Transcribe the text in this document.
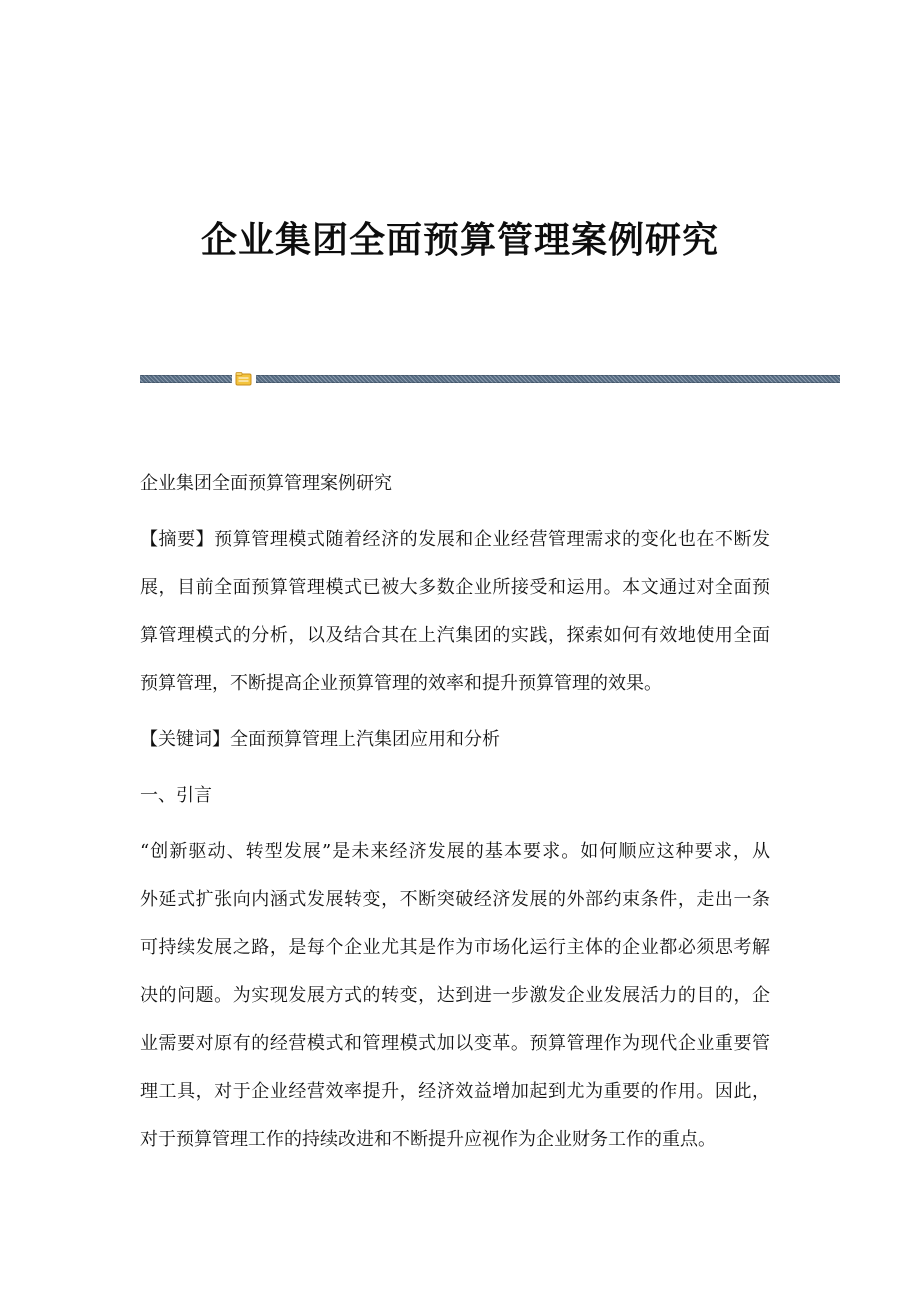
企业集团全面预算管理案例研究
企业集团全面预算管理案例研究
【摘要】预算管理模式随着经济的发展和企业经营管理需求的变化也在不断发
展，目前全面预算管理模式已被大多数企业所接受和运用。本文通过对全面预
算管理模式的分析，以及结合其在上汽集团的实践，探索如何有效地使用全面
预算管理，不断提高企业预算管理的效率和提升预算管理的效果。
【关键词】全面预算管理上汽集团应用和分析
一、引言
“创新驱动、转型发展”是未来经济发展的基本要求。如何顺应这种要求，从
外延式扩张向内涵式发展转变，不断突破经济发展的外部约束条件，走出一条
可持续发展之路，是每个企业尤其是作为市场化运行主体的企业都必须思考解
决的问题。为实现发展方式的转变，达到进一步激发企业发展活力的目的，企
业需要对原有的经营模式和管理模式加以变革。预算管理作为现代企业重要管
理工具，对于企业经营效率提升，经济效益增加起到尤为重要的作用。因此，
对于预算管理工作的持续改进和不断提升应视作为企业财务工作的重点。
